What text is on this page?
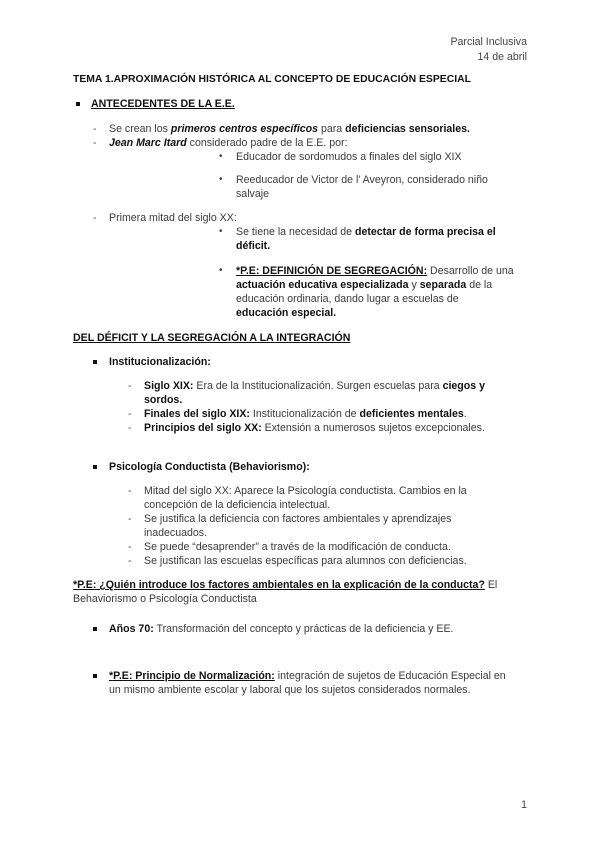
Parcial Inclusiva
14 de abril
TEMA 1.APROXIMACIÓN HISTÓRICA AL CONCEPTO DE EDUCACIÓN ESPECIAL
ANTECEDENTES DE LA E.E.
- Se crean los primeros centros específicos para deficiencias sensoriales.
- Jean Marc Itard considerado padre de la E.E. por:
• Educador de sordomudos a finales del siglo XIX
• Reeducador de Victor de l' Aveyron, considerado niño
salvaje
- Primera mitad del siglo XX:
• Se tiene la necesidad de detectar de forma precisa el
déficit.
• *P.E: DEFINICIÓN DE SEGREGACIÓN: Desarrollo de una
actuación educativa especializada y separada de la
educación ordinaria, dando lugar a escuelas de
educación especial.
DEL DÉFICIT Y LA SEGREGACIÓN A LA INTEGRACIÓN
Institucionalización:
- Siglo XIX: Era de la Institucionalización. Surgen escuelas para ciegos y
sordos.
- Finales del siglo XIX: Institucionalización de deficientes mentales.
- Principios del siglo XX: Extensión a numerosos sujetos excepcionales.
Psicología Conductista (Behaviorismo):
- Mitad del siglo XX: Aparece la Psicología conductista. Cambios en la
concepción de la deficiencia intelectual.
- Se justifica la deficiencia con factores ambientales y aprendizajes
inadecuados.
- Se puede “desaprender” a través de la modificación de conducta.
- Se justifican las escuelas específicas para alumnos con deficiencias.
*P.E: ¿Quién introduce los factores ambientales en la explicación de la conducta? El
Behaviorismo o Psicología Conductista
Años 70: Transformación del concepto y prácticas de la deficiencia y EE.
*P.E: Principio de Normalización: integración de sujetos de Educación Especial en
un mismo ambiente escolar y laboral que los sujetos considerados normales.
1
